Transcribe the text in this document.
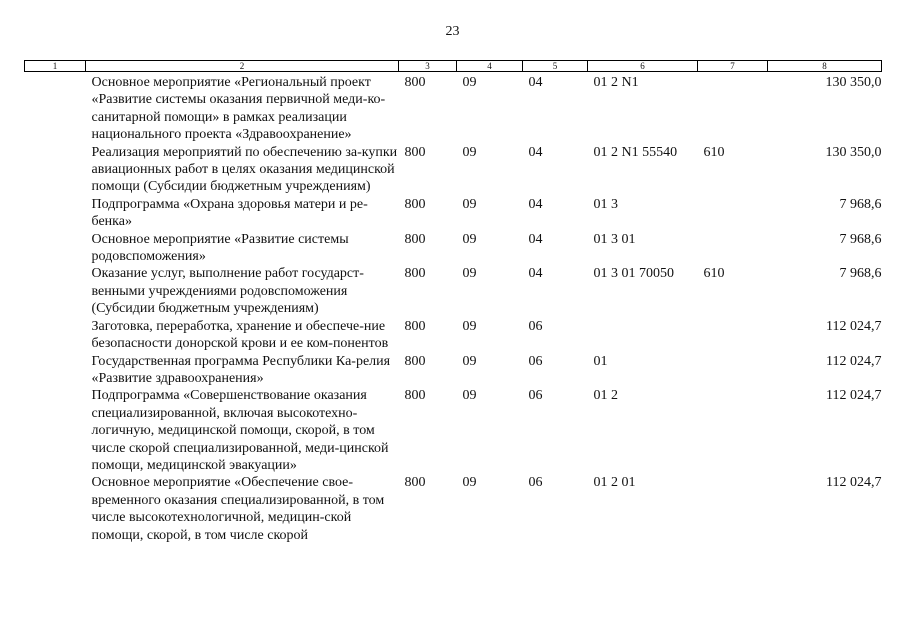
23
1	2	3	4	5	6	7	8
	Основное мероприятие «Региональный проект «Развитие системы оказания первичной меди-ко-санитарной помощи» в рамках реализации национального проекта «Здравоохранение»	800	09	04	01 2 N1		130 350,0
	Реализация мероприятий по обеспечению за-купки авиационных работ в целях оказания медицинской помощи (Субсидии бюджетным учреждениям)	800	09	04	01 2 N1 55540	610	130 350,0
	Подпрограмма «Охрана здоровья матери и ре-бенка»	800	09	04	01 3		7 968,6
	Основное мероприятие «Развитие системы родовспоможения»	800	09	04	01 3 01		7 968,6
	Оказание услуг, выполнение работ государст-венными учреждениями родовспоможения (Субсидии бюджетным учреждениям)	800	09	04	01 3 01 70050	610	7 968,6
	Заготовка, переработка, хранение и обеспече-ние безопасности донорской крови и ее ком-понентов	800	09	06			112 024,7
	Государственная программа Республики Ка-релия «Развитие здравоохранения»	800	09	06	01		112 024,7
	Подпрограмма «Совершенствование оказания специализированной, включая высокотехно-логичную, медицинской помощи, скорой, в том числе скорой специализированной, меди-цинской помощи, медицинской эвакуации»	800	09	06	01 2		112 024,7
	Основное мероприятие «Обеспечение свое-временного оказания специализированной, в том числе высокотехнологичной, медицин-ской помощи, скорой, в том числе скорой	800	09	06	01 2 01		112 024,7
